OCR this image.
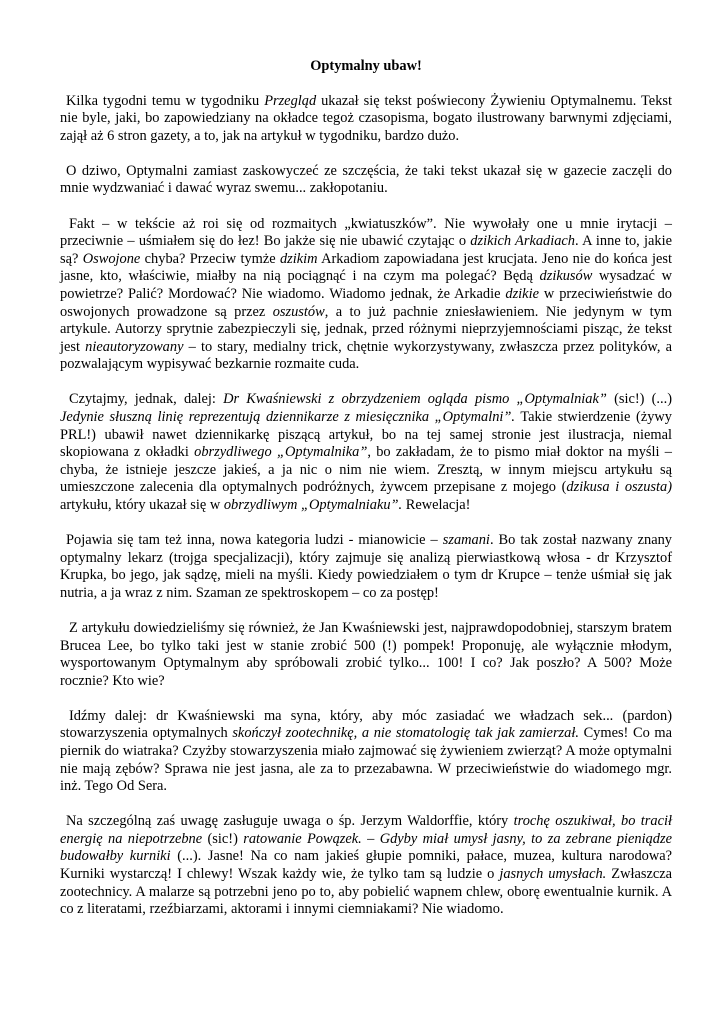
Optymalny ubaw!

Kilka tygodni temu w tygodniku Przegląd ukazał się tekst poświecony Żywieniu Optymalnemu. Tekst nie byle, jaki, bo zapowiedziany na okładce tegoż czasopisma, bogato ilustrowany barwnymi zdjęciami, zajął aż 6 stron gazety, a to, jak na artykuł w tygodniku, bardzo dużo.

O dziwo, Optymalni zamiast zaskowyczeć ze szczęścia, że taki tekst ukazał się w gazecie zaczęli do mnie wydzwaniać i dawać wyraz swemu... zakłopotaniu.

Fakt – w tekście aż roi się od rozmaitych „kwiatuszków”. Nie wywołały one u mnie irytacji – przeciwnie – uśmiałem się do łez! Bo jakże się nie ubawić czytając o dzikich Arkadiach. A inne to, jakie są? Oswojone chyba? Przeciw tymże dzikim Arkadiom zapowiadana jest krucjata. Jeno nie do końca jest jasne, kto, właściwie, miałby na nią pociągnąć i na czym ma polegać? Będą dzikusów wysadzać w powietrze? Palić? Mordować? Nie wiadomo. Wiadomo jednak, że Arkadie dzikie w przeciwieństwie do oswojonych prowadzone są przez oszustów, a to już pachnie zniesławieniem. Nie jedynym w tym artykule. Autorzy sprytnie zabezpieczyli się, jednak, przed różnymi nieprzyjemnościami pisząc, że tekst jest nieautoryzowany – to stary, medialny trick, chętnie wykorzystywany, zwłaszcza przez polityków, a pozwalającym wypisywać bezkarnie rozmaite cuda.

Czytajmy, jednak, dalej: Dr Kwaśniewski z obrzydzeniem ogląda pismo „Optymalniak” (sic!) (...) Jedynie słuszną linię reprezentują dziennikarze z miesięcznika „Optymalni”. Takie stwierdzenie (żywy PRL!) ubawił nawet dziennikarkę piszącą artykuł, bo na tej samej stronie jest ilustracja, niemal skopiowana z okładki obrzydliwego „Optymalnika”, bo zakładam, że to pismo miał doktor na myśli – chyba, że istnieje jeszcze jakieś, a ja nic o nim nie wiem. Zresztą, w innym miejscu artykułu są umieszczone zalecenia dla optymalnych podróżnych, żywcem przepisane z mojego (dzikusa i oszusta) artykułu, który ukazał się w obrzydliwym „Optymalniaku”. Rewelacja!

Pojawia się tam też inna, nowa kategoria ludzi - mianowicie – szamani. Bo tak został nazwany znany optymalny lekarz (trojga specjalizacji), który zajmuje się analizą pierwiastkową włosa - dr Krzysztof Krupka, bo jego, jak sądzę, mieli na myśli. Kiedy powiedziałem o tym dr Krupce – tenże uśmiał się jak nutria, a ja wraz z nim. Szaman ze spektroskopem – co za postęp!

Z artykułu dowiedzieliśmy się również, że Jan Kwaśniewski jest, najprawdopodobniej, starszym bratem Brucea Lee, bo tylko taki jest w stanie zrobić 500 (!) pompek! Proponuję, ale wyłącznie młodym, wysportowanym Optymalnym aby spróbowali zrobić tylko... 100! I co? Jak poszło? A 500? Może rocznie? Kto wie?

Idźmy dalej: dr Kwaśniewski ma syna, który, aby móc zasiadać we władzach sek... (pardon) stowarzyszenia optymalnych skończył zootechnikę, a nie stomatologię tak jak zamierzał. Cymes! Co ma piernik do wiatraka? Czyżby stowarzyszenia miało zajmować się żywieniem zwierząt? A może optymalni nie mają zębów? Sprawa nie jest jasna, ale za to przezabawna. W przeciwieństwie do wiadomego mgr. inż. Tego Od Sera.

Na szczególną zaś uwagę zasługuje uwaga o śp. Jerzym Waldorffie, który trochę oszukiwał, bo tracił energię na niepotrzebne (sic!) ratowanie Powązek. – Gdyby miał umysł jasny, to za zebrane pieniądze budowałby kurniki (...). Jasne! Na co nam jakieś głupie pomniki, pałace, muzea, kultura narodowa? Kurniki wystarczą! I chlewy! Wszak każdy wie, że tylko tam są ludzie o jasnych umysłach. Zwłaszcza zootechnicy. A malarze są potrzebni jeno po to, aby pobielić wapnem chlew, oborę ewentualnie kurnik. A co z literatami, rzeźbiarzami, aktorami i innymi ciemniakami? Nie wiadomo.
